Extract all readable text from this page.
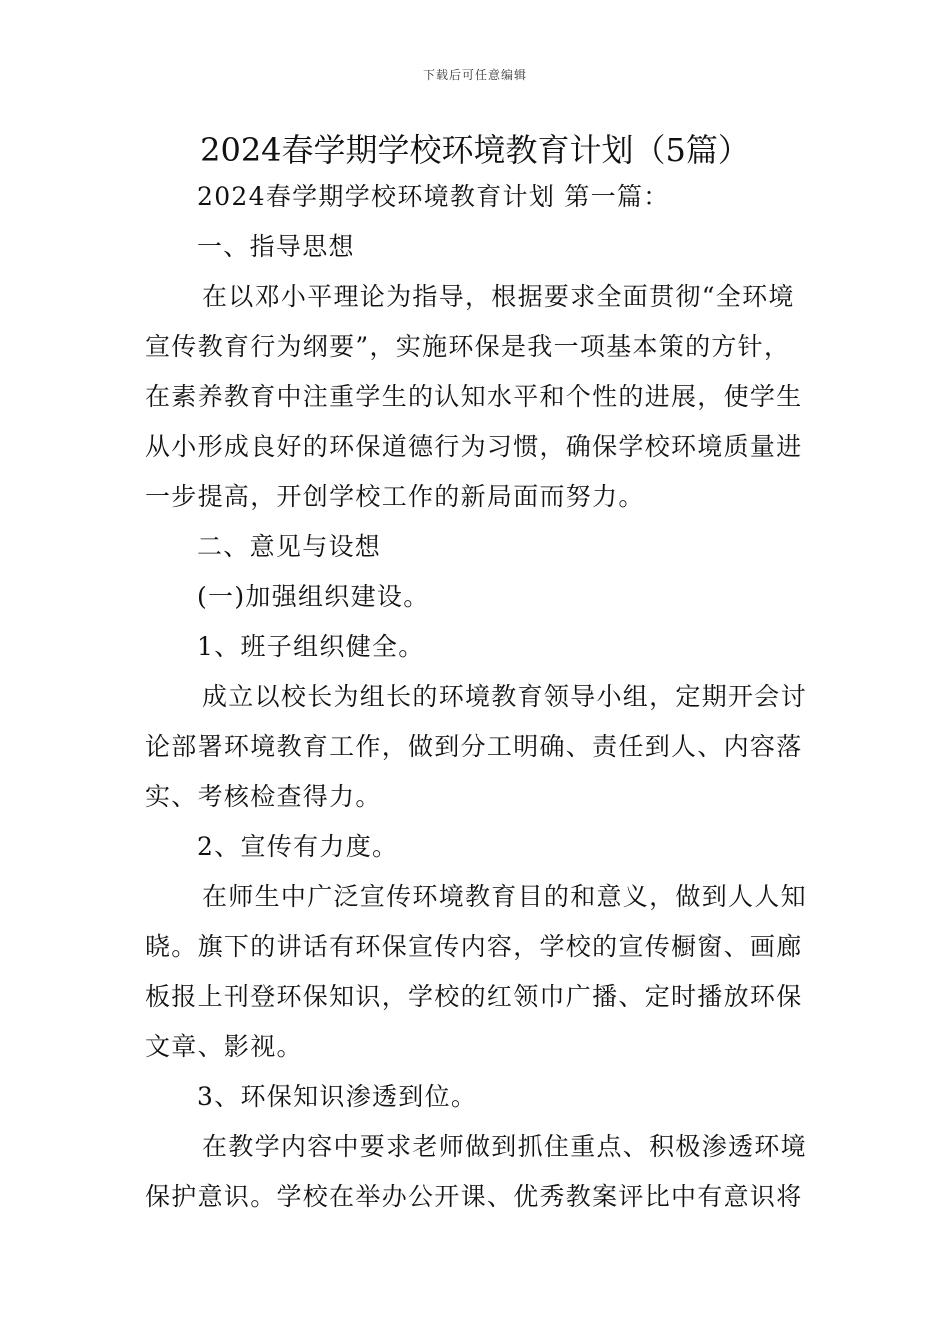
下载后可任意编辑
2024春学期学校环境教育计划（5篇）
2024春学期学校环境教育计划 第一篇：
一、指导思想
在以邓小平理论为指导，根据要求全面贯彻“全环境
宣传教育行为纲要”，实施环保是我一项基本策的方针，
在素养教育中注重学生的认知水平和个性的进展，使学生
从小形成良好的环保道德行为习惯，确保学校环境质量进
一步提高，开创学校工作的新局面而努力。
二、意见与设想
(一)加强组织建设。
1、班子组织健全。
成立以校长为组长的环境教育领导小组，定期开会讨
论部署环境教育工作，做到分工明确、责任到人、内容落
实、考核检查得力。
2、宣传有力度。
在师生中广泛宣传环境教育目的和意义，做到人人知
晓。旗下的讲话有环保宣传内容，学校的宣传橱窗、画廊
板报上刊登环保知识，学校的红领巾广播、定时播放环保
文章、影视。
3、环保知识渗透到位。
在教学内容中要求老师做到抓住重点、积极渗透环境
保护意识。学校在举办公开课、优秀教案评比中有意识将
